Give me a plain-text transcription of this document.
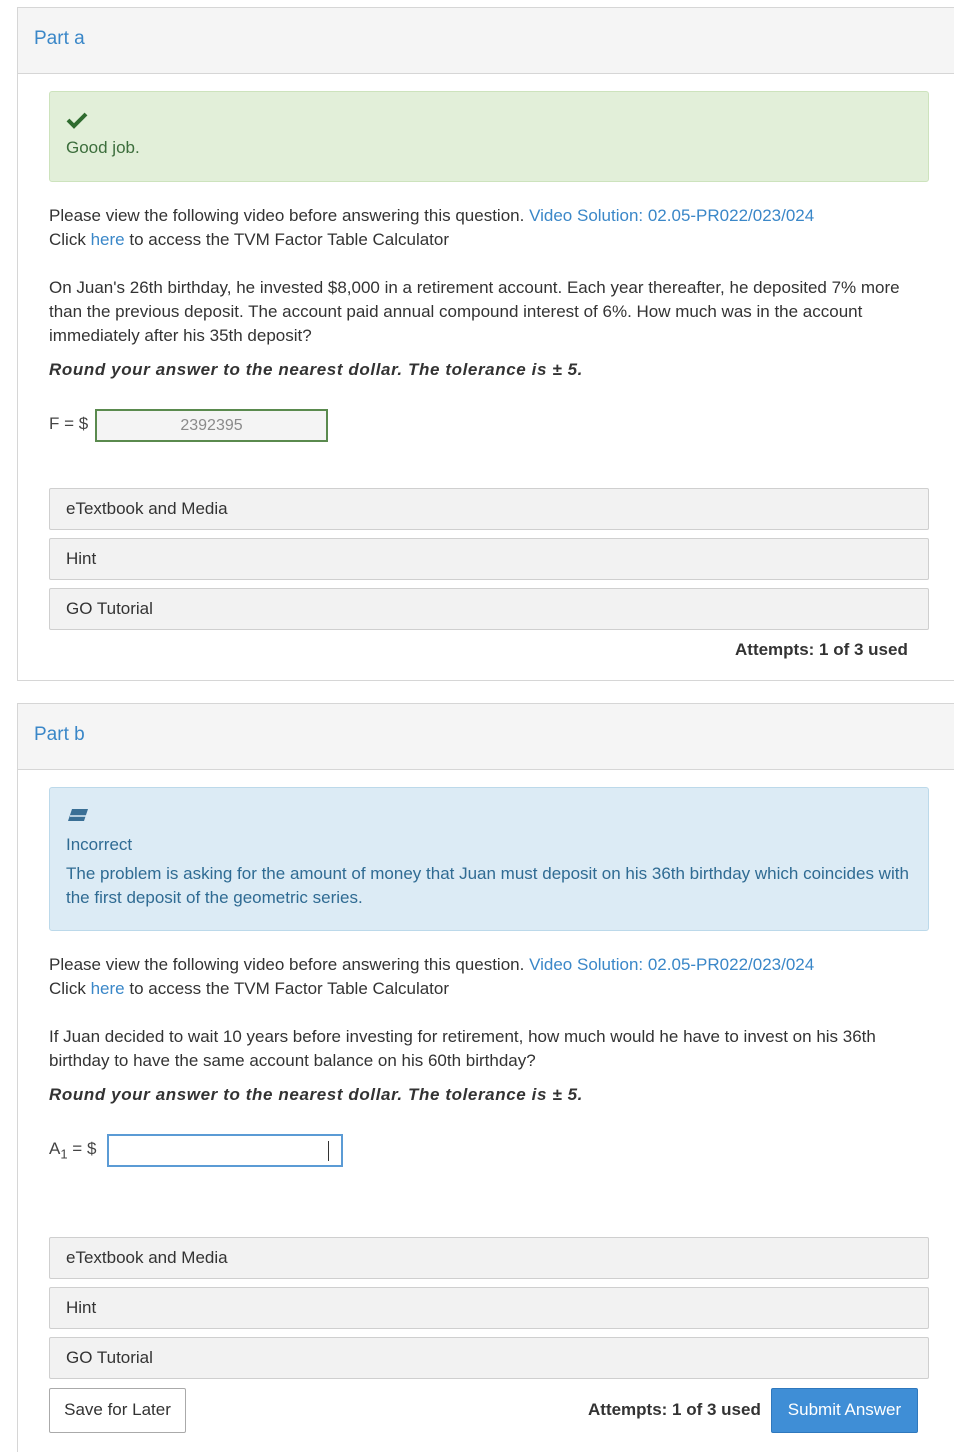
Part a
Good job.
Please view the following video before answering this question. Video Solution: 02.05-PR022/023/024
Click here to access the TVM Factor Table Calculator
On Juan's 26th birthday, he invested $8,000 in a retirement account. Each year thereafter, he deposited 7% more than the previous deposit. The account paid annual compound interest of 6%. How much was in the account immediately after his 35th deposit?
Round your answer to the nearest dollar. The tolerance is ± 5.
F = $	2392395
eTextbook and Media
Hint
GO Tutorial
Attempts: 1 of 3 used
Part b
Incorrect
The problem is asking for the amount of money that Juan must deposit on his 36th birthday which coincides with the first deposit of the geometric series.
Please view the following video before answering this question. Video Solution: 02.05-PR022/023/024
Click here to access the TVM Factor Table Calculator
If Juan decided to wait 10 years before investing for retirement, how much would he have to invest on his 36th birthday to have the same account balance on his 60th birthday?
Round your answer to the nearest dollar. The tolerance is ± 5.
$A_1$ = $
eTextbook and Media
Hint
GO Tutorial
Save for Later	Attempts: 1 of 3 used	Submit Answer
